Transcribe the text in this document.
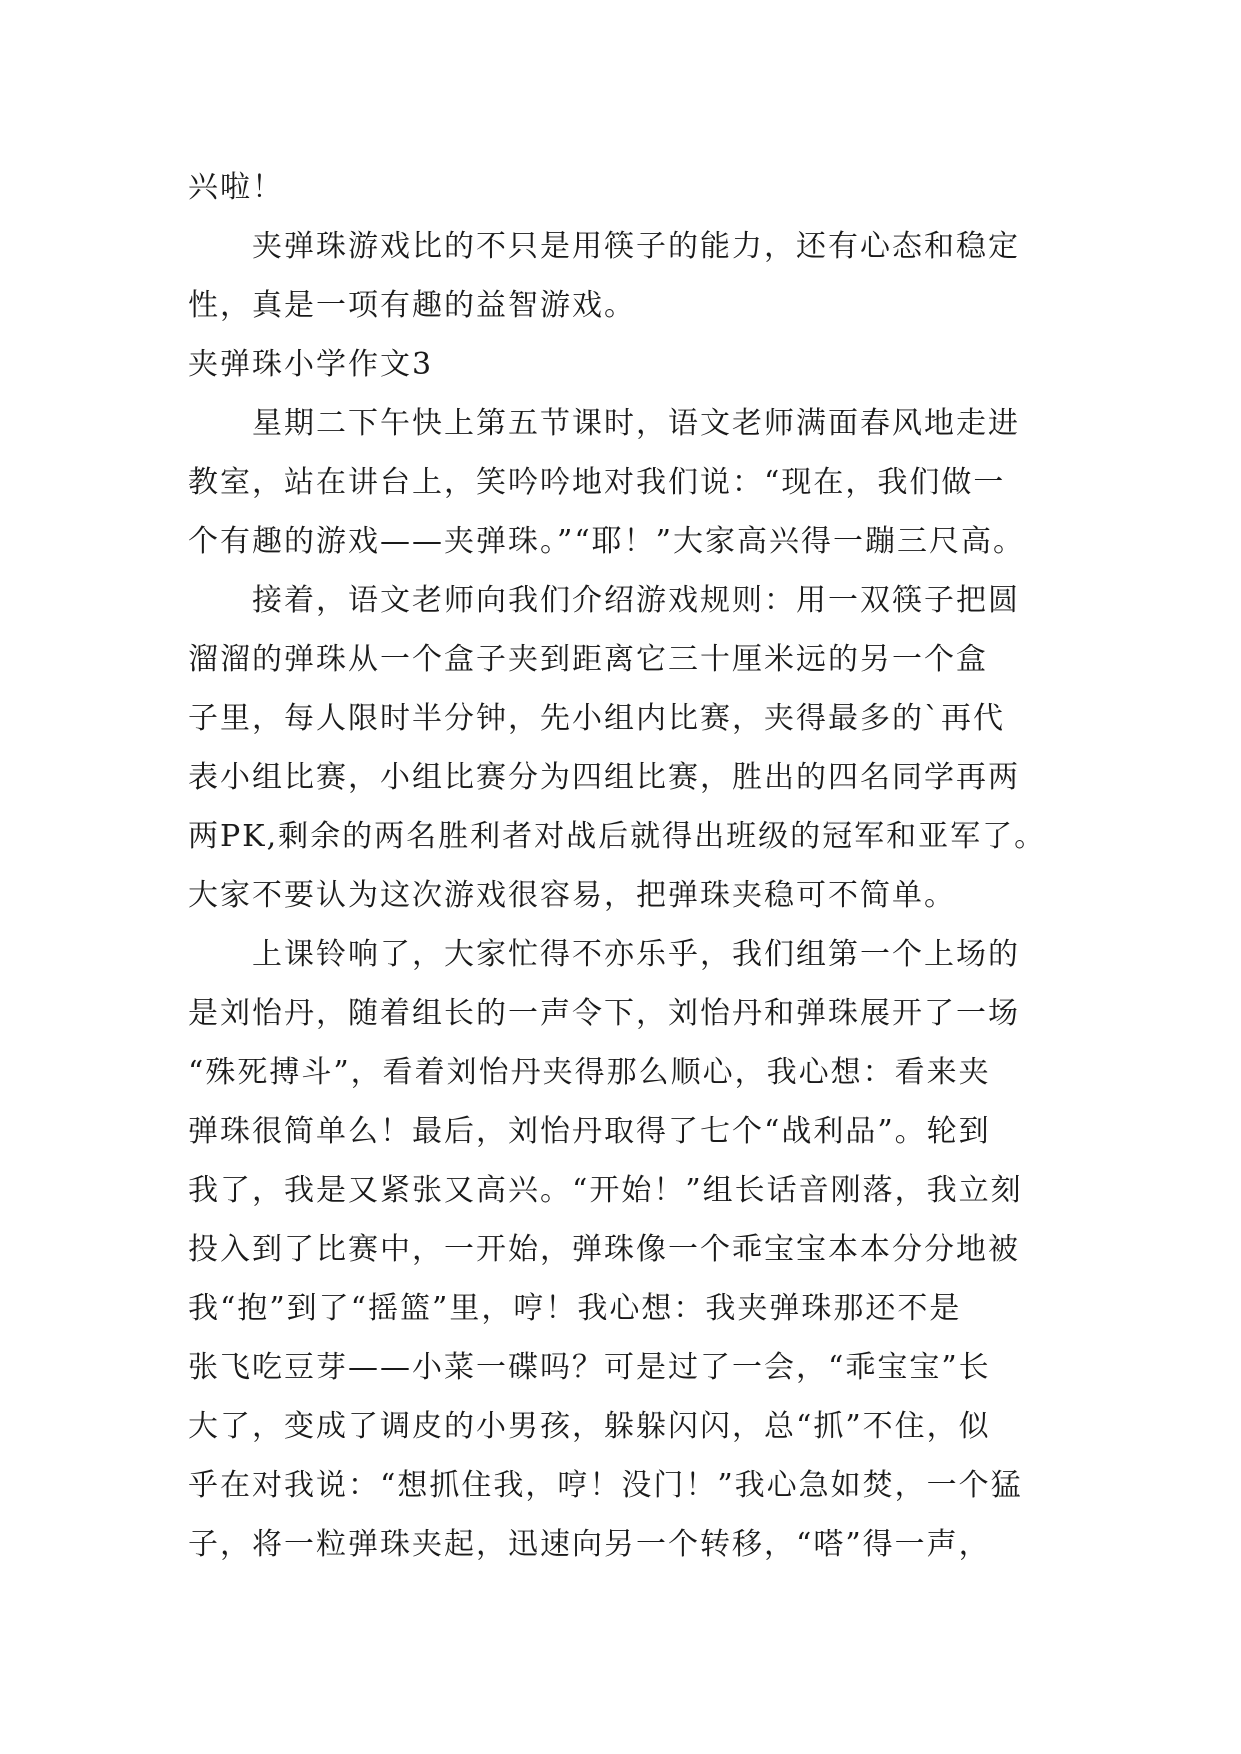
兴啦！
夹弹珠游戏比的不只是用筷子的能力，还有心态和稳定
性，真是一项有趣的益智游戏。
夹弹珠小学作文3
星期二下午快上第五节课时，语文老师满面春风地走进
教室，站在讲台上，笑吟吟地对我们说：“现在，我们做一
个有趣的游戏——夹弹珠。”“耶！”大家高兴得一蹦三尺高。
接着，语文老师向我们介绍游戏规则：用一双筷子把圆
溜溜的弹珠从一个盒子夹到距离它三十厘米远的另一个盒
子里，每人限时半分钟，先小组内比赛，夹得最多的`再代
表小组比赛，小组比赛分为四组比赛，胜出的四名同学再两
两PK,剩余的两名胜利者对战后就得出班级的冠军和亚军了。
大家不要认为这次游戏很容易，把弹珠夹稳可不简单。
上课铃响了，大家忙得不亦乐乎，我们组第一个上场的
是刘怡丹，随着组长的一声令下，刘怡丹和弹珠展开了一场
“殊死搏斗”，看着刘怡丹夹得那么顺心，我心想：看来夹
弹珠很简单么！最后，刘怡丹取得了七个“战利品”。轮到
我了，我是又紧张又高兴。“开始！”组长话音刚落，我立刻
投入到了比赛中，一开始，弹珠像一个乖宝宝本本分分地被
我“抱”到了“摇篮”里，哼！我心想：我夹弹珠那还不是
张飞吃豆芽——小菜一碟吗？可是过了一会，“乖宝宝”长
大了，变成了调皮的小男孩，躲躲闪闪，总“抓”不住，似
乎在对我说：“想抓住我，哼！没门！”我心急如焚，一个猛
子，将一粒弹珠夹起，迅速向另一个转移，“嗒”得一声，
